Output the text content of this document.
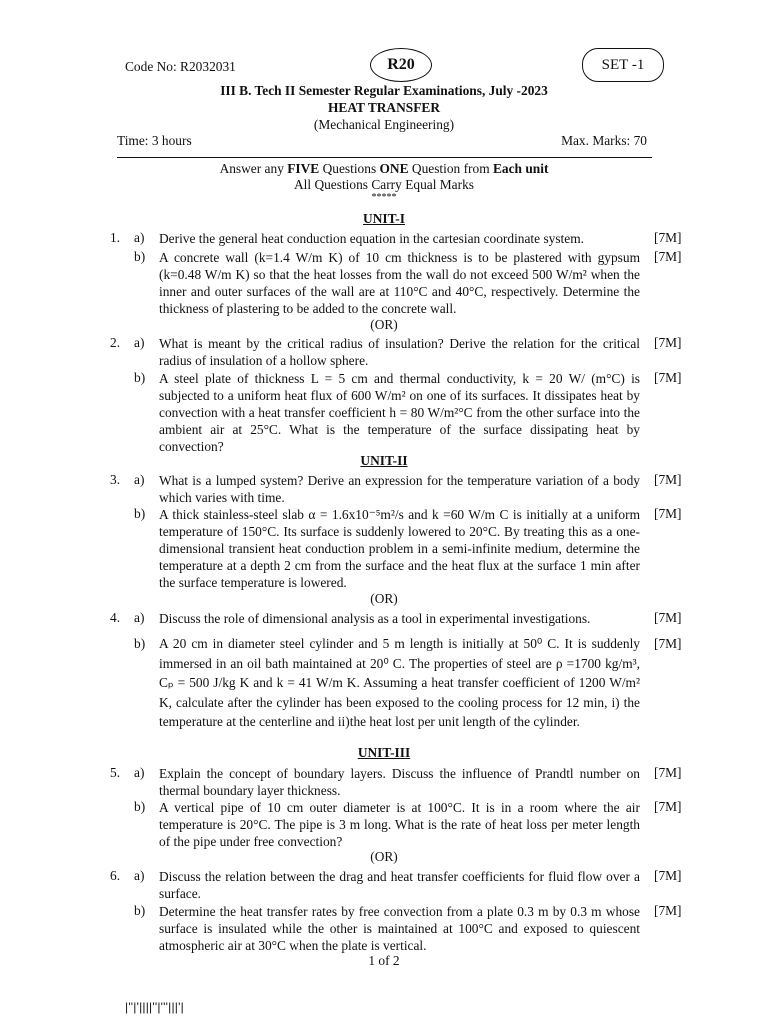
Code No: R2032031	R20	SET -1
III B. Tech II Semester Regular Examinations, July -2023
HEAT TRANSFER
(Mechanical Engineering)
Time: 3 hours	Max. Marks: 70
Answer any FIVE Questions ONE Question from Each unit
All Questions Carry Equal Marks
*****
UNIT-I
1. a) Derive the general heat conduction equation in the cartesian coordinate system.	[7M]
b) A concrete wall (k=1.4 W/m K) of 10 cm thickness is to be plastered with gypsum (k=0.48 W/m K) so that the heat losses from the wall do not exceed 500 W/m² when the inner and outer surfaces of the wall are at 110°C and 40°C, respectively. Determine the thickness of plastering to be added to the concrete wall.
[7M]
(OR)
2. a) What is meant by the critical radius of insulation? Derive the relation for the critical radius of insulation of a hollow sphere.
[7M]
b) A steel plate of thickness L = 5 cm and thermal conductivity, k = 20 W/ (m°C) is subjected to a uniform heat flux of 600 W/m² on one of its surfaces. It dissipates heat by convection with a heat transfer coefficient h = 80 W/m²°C from the other surface into the ambient air at 25°C. What is the temperature of the surface dissipating heat by convection?
[7M]
UNIT-II
3. a) What is a lumped system? Derive an expression for the temperature variation of a body which varies with time.
[7M]
b) A thick stainless-steel slab α = 1.6x10⁻⁵m²/s and k =60 W/m C is initially at a uniform temperature of 150°C. Its surface is suddenly lowered to 20°C. By treating this as a one-dimensional transient heat conduction problem in a semi-infinite medium, determine the temperature at a depth 2 cm from the surface and the heat flux at the surface 1 min after the surface temperature is lowered.
[7M]
(OR)
4. a) Discuss the role of dimensional analysis as a tool in experimental investigations.	[7M]
b) A 20 cm in diameter steel cylinder and 5 m length is initially at 50⁰ C. It is suddenly immersed in an oil bath maintained at 20⁰ C. The properties of steel are ρ =1700 kg/m³, Cₚ = 500 J/kg K and k = 41 W/m K. Assuming a heat transfer coefficient of 1200 W/m² K, calculate after the cylinder has been exposed to the cooling process for 12 min, i) the temperature at the centerline and ii)the heat lost per unit length of the cylinder.
[7M]
UNIT-III
5. a) Explain the concept of boundary layers. Discuss the influence of Prandtl number on thermal boundary layer thickness.
[7M]
b) A vertical pipe of 10 cm outer diameter is at 100°C. It is in a room where the air temperature is 20°C. The pipe is 3 m long. What is the rate of heat loss per meter length of the pipe under free convection?
[7M]
(OR)
6. a) Discuss the relation between the drag and heat transfer coefficients for fluid flow over a surface.
[7M]
b) Determine the heat transfer rates by free convection from a plate 0.3 m by 0.3 m whose surface is insulated while the other is maintained at 100°C and exposed to quiescent atmospheric air at 30°C when the plate is vertical.
[7M]
1 of 2
|''|'||||''|'''|||'|
